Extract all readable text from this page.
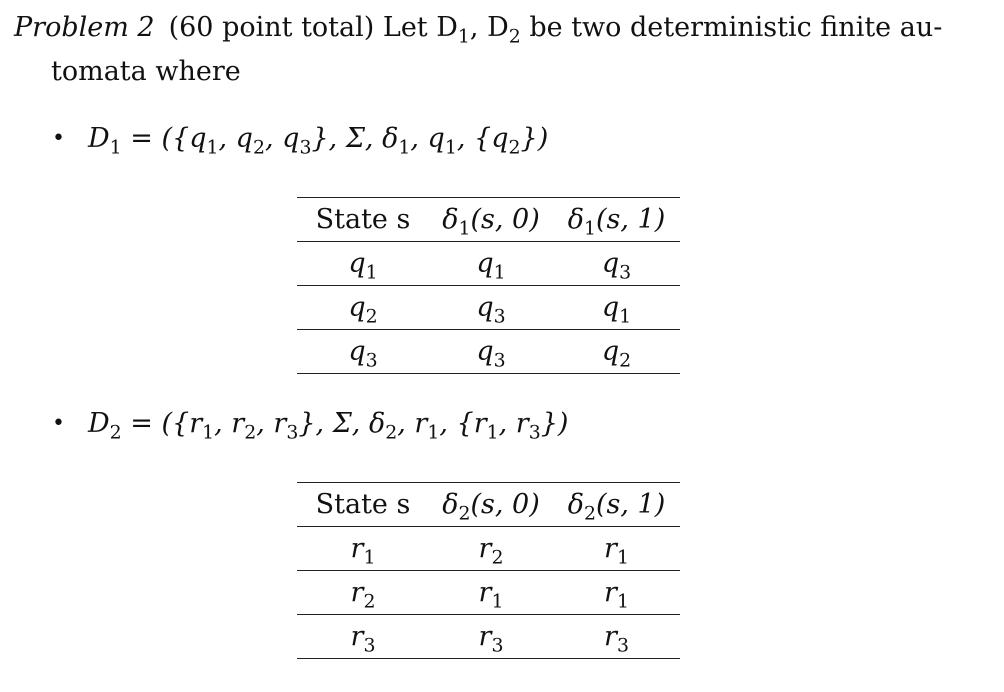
Problem 2 (60 point total) Let $D_1$, $D_2$ be two deterministic finite au-
tomata where
• $D_1 = (\{q_1$, $q_2$, $q_3$}, Σ, $\delta_1$, $q_1$, $\{q_2\}$)
State s	$\delta_1(s$, 0)	$\delta_1(s$, 1)
$q_1$	$q_1$	$q_3$
$q_2$	$q_3$	$q_1$
$q_3$	$q_3$	$q_2$
• $D_2 = (\{r_1$, $r_2$, $r_3$}, Σ, $\delta_2$, $r_1$, {$r_1$, $r_3$})
State s	$\delta_2(s$, 0)	$\delta_2(s$, 1)
$r_1$	$r_2$	$r_1$
$r_2$	$r_1$	$r_1$
$r_3$	$r_3$	$r_3$
